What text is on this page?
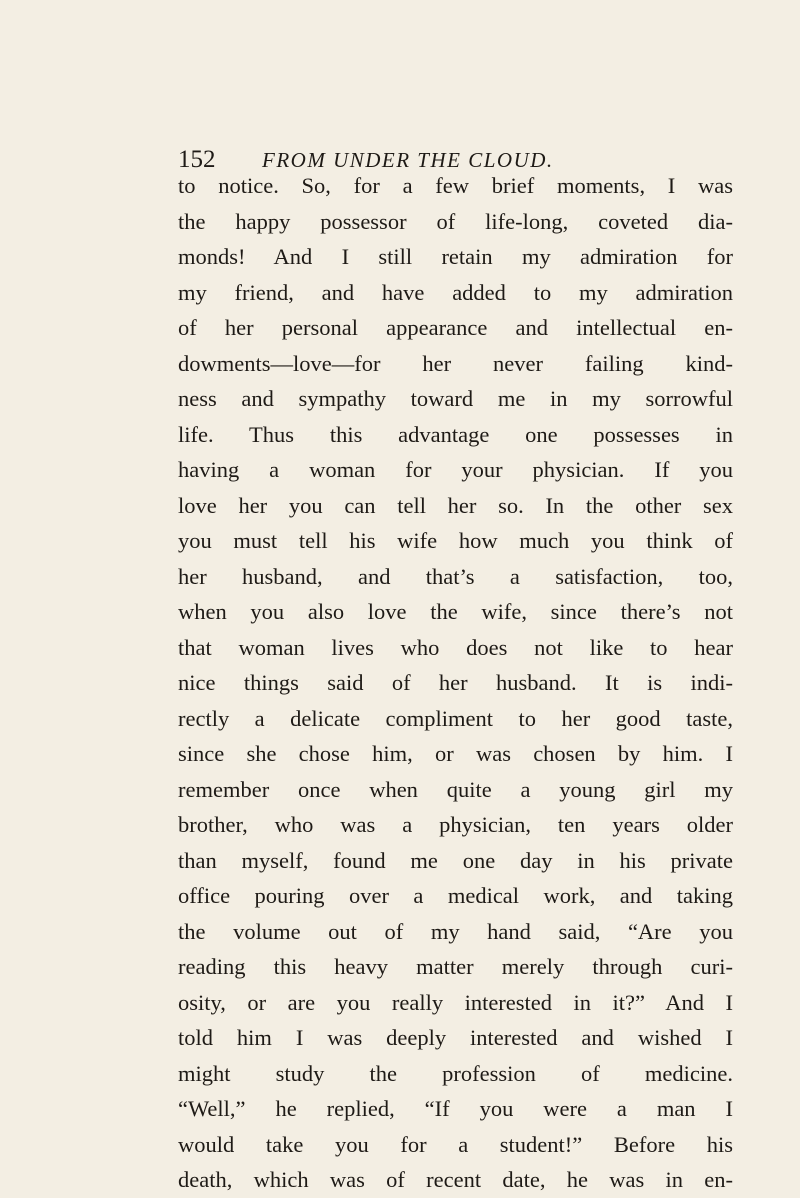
152	FROM UNDER THE CLOUD.
to notice. So, for a few brief moments, I was
the happy possessor of life-long, coveted dia-
monds! And I still retain my admiration for
my friend, and have added to my admiration
of her personal appearance and intellectual en-
dowments—love—for her never failing kind-
ness and sympathy toward me in my sorrowful
life. Thus this advantage one possesses in
having a woman for your physician. If you
love her you can tell her so. In the other sex
you must tell his wife how much you think of
her husband, and that’s a satisfaction, too,
when you also love the wife, since there’s not
that woman lives who does not like to hear
nice things said of her husband. It is indi-
rectly a delicate compliment to her good taste,
since she chose him, or was chosen by him. I
remember once when quite a young girl my
brother, who was a physician, ten years older
than myself, found me one day in his private
office pouring over a medical work, and taking
the volume out of my hand said, “Are you
reading this heavy matter merely through curi-
osity, or are you really interested in it?” And I
told him I was deeply interested and wished I
might study the profession of medicine.
“Well,” he replied, “If you were a man I
would take you for a student!” Before his
death, which was of recent date, he was in en-
